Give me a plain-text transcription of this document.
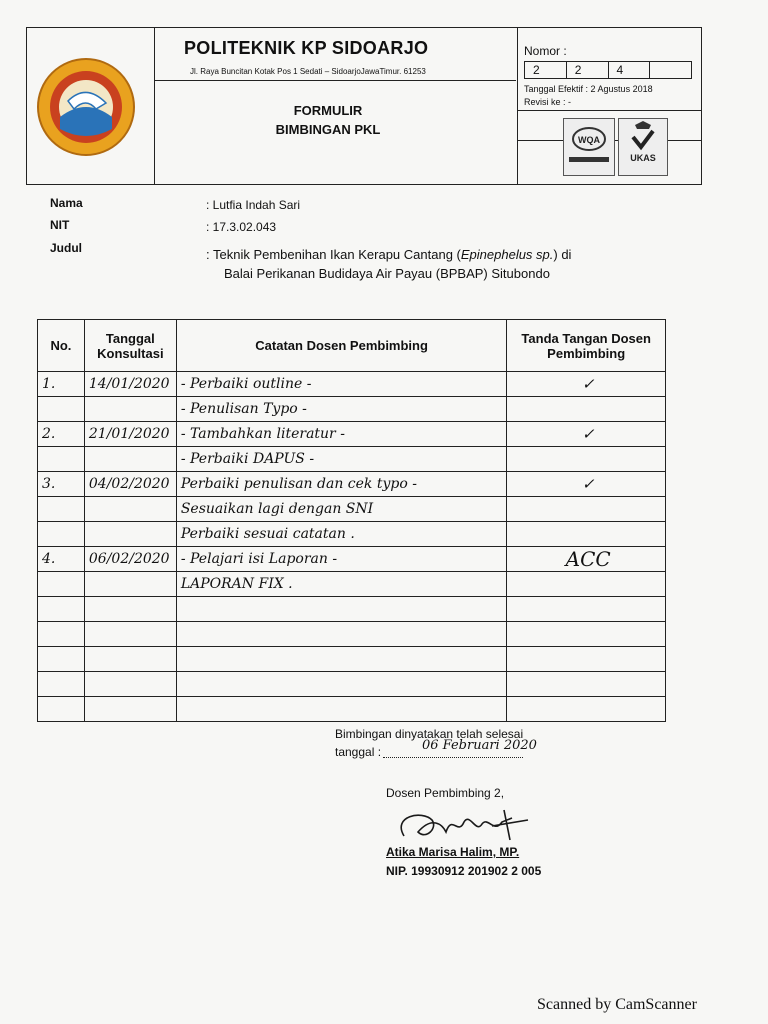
POLITEKNIK KP SIDOARJO
Jl. Raya Buncitan Kotak Pos 1 Sedati – SidoarjoJawaTimur. 61253
FORMULIR
BIMBINGAN PKL
Nomor :
2	2	4
Tanggal Efektif : 2 Agustus 2018
Revisi ke : -
WQA
UKAS
Nama	: Lutfia Indah Sari
NIT	: 17.3.02.043
Judul	: Teknik Pembenihan Ikan Kerapu Cantang (Epinephelus sp.) di
Balai Perikanan Budidaya Air Payau (BPBAP) Situbondo
No.	Tanggal Konsultasi	Catatan Dosen Pembimbing	Tanda Tangan Dosen Pembimbing
1.	14/01/2020	- Perbaiki outline -	✓
		- Penulisan Typo -	
2.	21/01/2020	- Tambahkan literatur -	✓
		- Perbaiki DAPUS -	
3.	04/02/2020	Perbaiki penulisan dan cek typo -	✓
		Sesuaikan lagi dengan SNI	
		Perbaiki sesuai catatan .	
4.	06/02/2020	- Pelajari isi Laporan -	ACC
		LAPORAN FIX .	

Bimbingan dinyatakan telah selesai
tanggal :	06 Februari 2020
Dosen Pembimbing 2,
Atika Marisa Halim, MP.
NIP. 19930912 201902 2 005
Scanned by CamScanner
